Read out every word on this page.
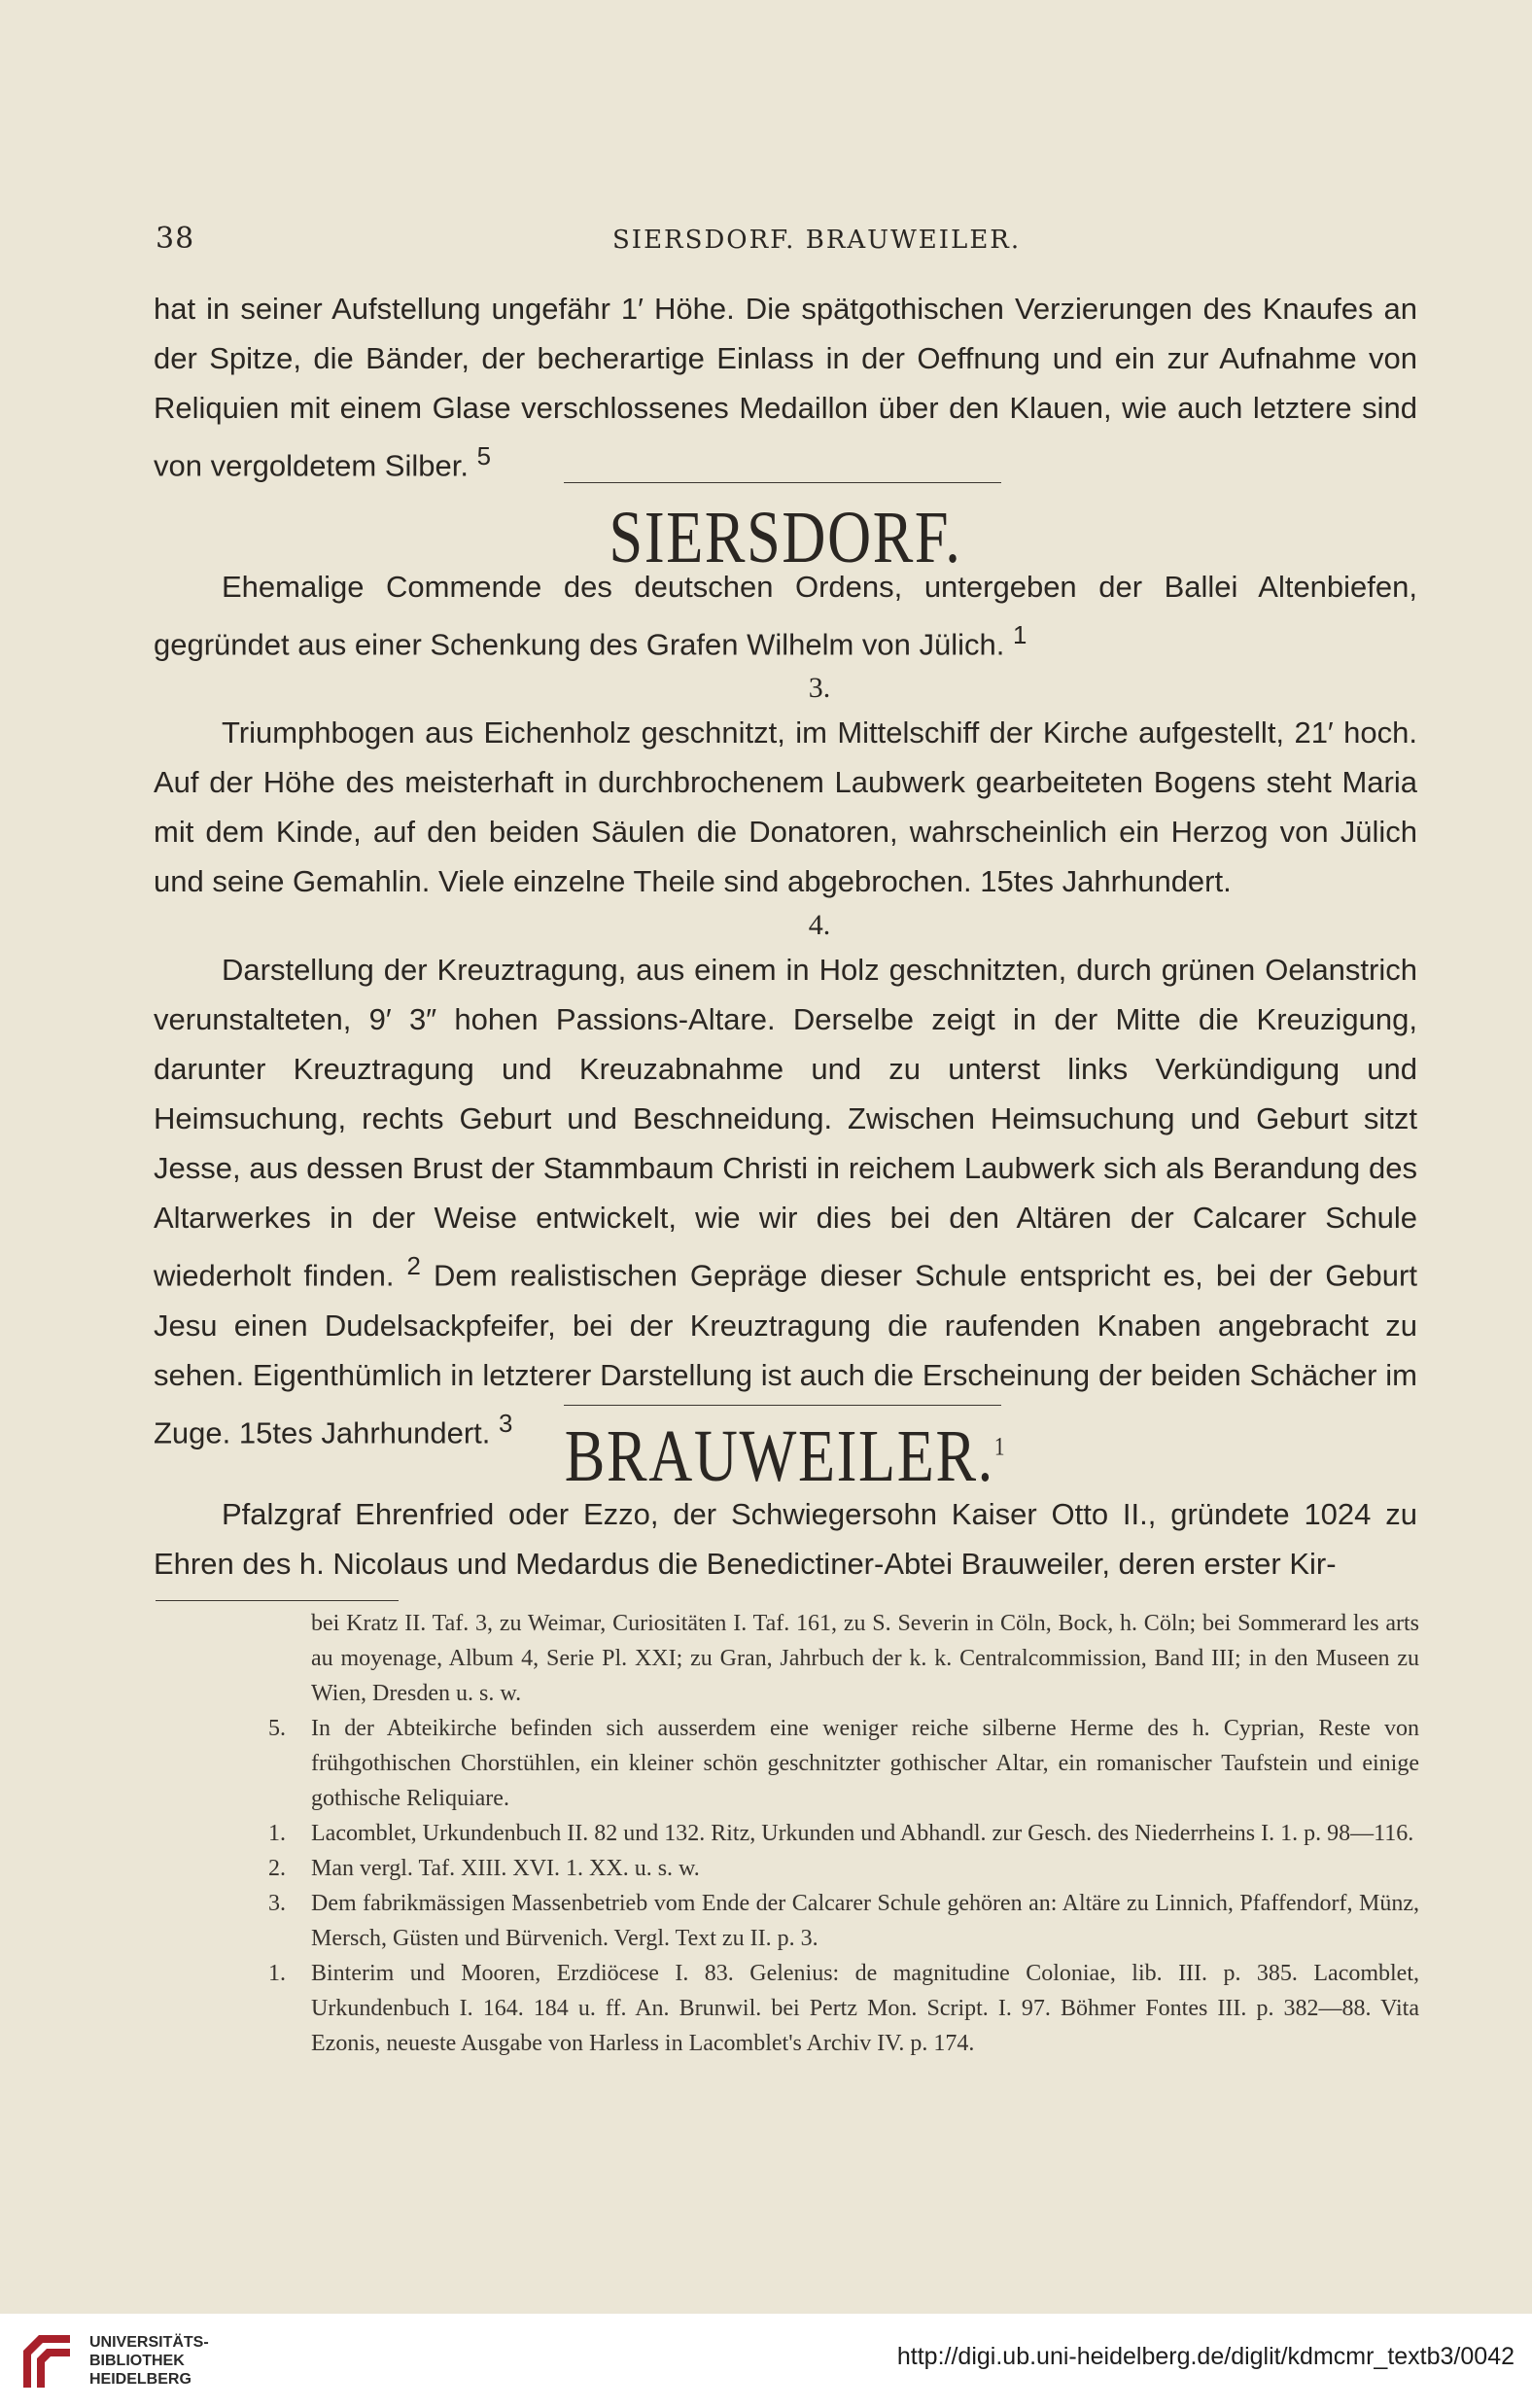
38	SIERSDORF. BRAUWEILER.

hat in seiner Aufstellung ungefähr 1′ Höhe. Die spätgothischen Verzierungen des Knaufes an der Spitze, die Bänder, der becherartige Einlass in der Oeffnung und ein zur Aufnahme von Reliquien mit einem Glase verschlossenes Medaillon über den Klauen, wie auch letztere sind von vergoldetem Silber. $^5$

SIERSDORF.

Ehemalige Commende des deutschen Ordens, untergeben der Ballei Altenbiefen, gegründet aus einer Schenkung des Grafen Wilhelm von Jülich. $^1$

3.

Triumphbogen aus Eichenholz geschnitzt, im Mittelschiff der Kirche aufgestellt, 21′ hoch. Auf der Höhe des meisterhaft in durchbrochenem Laubwerk gearbeiteten Bogens steht Maria mit dem Kinde, auf den beiden Säulen die Donatoren, wahrscheinlich ein Herzog von Jülich und seine Gemahlin. Viele einzelne Theile sind abgebrochen. 15tes Jahrhundert.

4.

Darstellung der Kreuztragung, aus einem in Holz geschnitzten, durch grünen Oelanstrich verunstalteten, 9′ 3″ hohen Passions-Altare. Derselbe zeigt in der Mitte die Kreuzigung, darunter Kreuztragung und Kreuzabnahme und zu unterst links Verkündigung und Heimsuchung, rechts Geburt und Beschneidung. Zwischen Heimsuchung und Geburt sitzt Jesse, aus dessen Brust der Stammbaum Christi in reichem Laubwerk sich als Berandung des Altarwerkes in der Weise entwickelt, wie wir dies bei den Altären der Calcarer Schule wiederholt finden. $^2$ Dem realistischen Gepräge dieser Schule entspricht es, bei der Geburt Jesu einen Dudelsackpfeifer, bei der Kreuztragung die raufenden Knaben angebracht zu sehen. Eigenthümlich in letzterer Darstellung ist auch die Erscheinung der beiden Schächer im Zuge. 15tes Jahrhundert. $^3$ BRAUWEILER.$^1$

Pfalzgraf Ehrenfried oder Ezzo, der Schwiegersohn Kaiser Otto II., gründete 1024 zu Ehren des h. Nicolaus und Medardus die Benedictiner-Abtei Brauweiler, deren erster Kir-

bei Kratz II. Taf. 3, zu Weimar, Curiositäten I. Taf. 161, zu S. Severin in Cöln, Bock, h. Cöln; bei Sommerard les arts au moyenage, Album 4, Serie Pl. XXI; zu Gran, Jahrbuch der k. k. Centralcommission, Band III; in den Museen zu Wien, Dresden u. s. w.
5. In der Abteikirche befinden sich ausserdem eine weniger reiche silberne Herme des h. Cyprian, Reste von frühgothischen Chorstühlen, ein kleiner schön geschnitzter gothischer Altar, ein romanischer Taufstein und einige gothische Reliquiare.
1. Lacomblet, Urkundenbuch II. 82 und 132. Ritz, Urkunden und Abhandl. zur Gesch. des Niederrheins I. 1. p. 98—116.
2. Man vergl. Taf. XIII. XVI. 1. XX. u. s. w.
3. Dem fabrikmässigen Massenbetrieb vom Ende der Calcarer Schule gehören an: Altäre zu Linnich, Pfaffendorf, Münz, Mersch, Güsten und Bürvenich. Vergl. Text zu II. p. 3.
1. Binterim und Mooren, Erzdiöcese I. 83. Gelenius: de magnitudine Coloniae, lib. III. p. 385. Lacomblet, Urkundenbuch I. 164. 184 u. ff. An. Brunwil. bei Pertz Mon. Script. I. 97. Böhmer Fontes III. p. 382—88. Vita Ezonis, neueste Ausgabe von Harless in Lacomblet's Archiv IV. p. 174.
UNIVERSITÄTS-
BIBLIOTHEK
HEIDELBERG
http://digi.ub.uni-heidelberg.de/diglit/kdmcmr_textb3/0042
